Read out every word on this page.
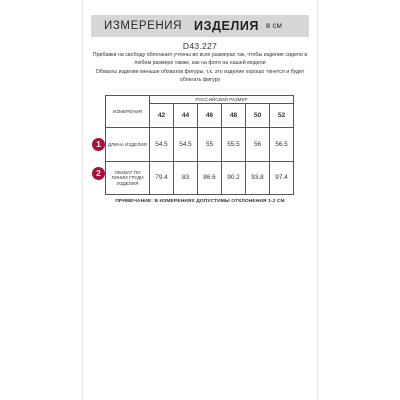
ИЗМЕРЕНИЯ ИЗДЕЛИЯ в см
D43.227
Прибавки на свободу облегания учтены во всех размерах так, чтобы изделие сидело в любом размере также, как на фото на нашей модели
Обхваты изделия меньше обхватов фигуры, т.к. это изделие хорошо тянется и будет облегать фигуру
ИЗМЕРЕНИЯ	РОССИЙСКИЙ РАЗМЕР					
	42	44	46	48	50	52
ДЛИНА ИЗДЕЛИЯ	54.5	54.5	55	55.5	56	56.5
ОБХВАТ ПО ЛИНИИ ГРУДИ ИЗДЕЛИЯ	79.4	83	86.6	90.2	93.8	97.4
1
2
ПРИМЕЧАНИЕ: В ИЗМЕРЕНИЯХ ДОПУСТИМЫ ОТКЛОНЕНИЯ 1-2 СМ
